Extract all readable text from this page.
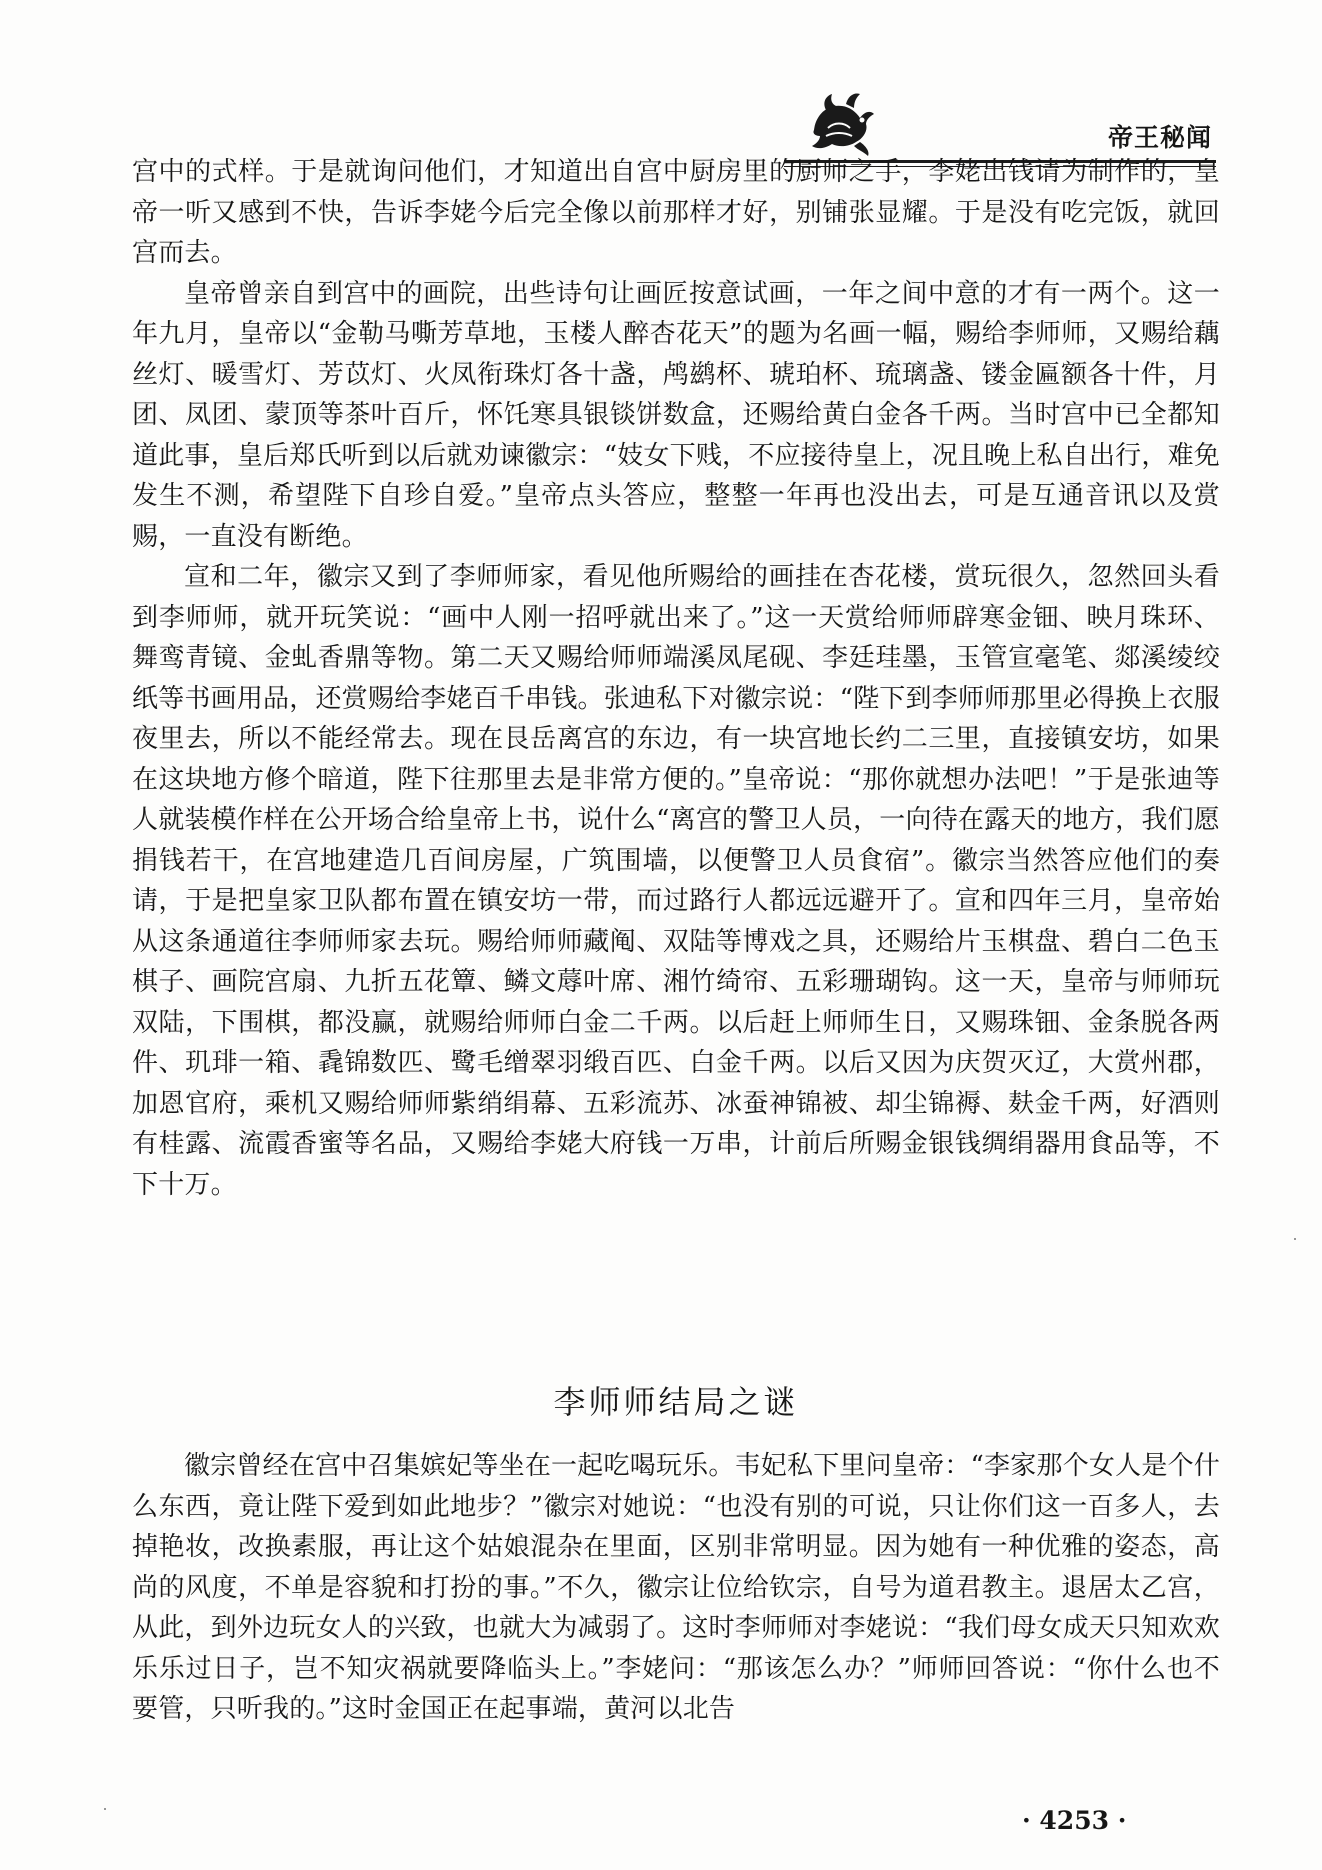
帝王秘闻

宫中的式样。于是就询问他们，才知道出自宫中厨房里的厨师之手，李姥出钱请为制作的，皇帝一听又感到不快，告诉李姥今后完全像以前那样才好，别铺张显耀。于是没有吃完饭，就回宫而去。

皇帝曾亲自到宫中的画院，出些诗句让画匠按意试画，一年之间中意的才有一两个。这一年九月，皇帝以“金勒马嘶芳草地，玉楼人醉杏花天”的题为名画一幅，赐给李师师，又赐给藕丝灯、暖雪灯、芳苡灯、火凤衔珠灯各十盏，鸬鹚杯、琥珀杯、琉璃盏、镂金匾额各十件，月团、凤团、蒙顶等茶叶百斤，怀饦寒具银锬饼数盒，还赐给黄白金各千两。当时宫中已全都知道此事，皇后郑氏听到以后就劝谏徽宗：“妓女下贱，不应接待皇上，况且晚上私自出行，难免发生不测，希望陛下自珍自爱。”皇帝点头答应，整整一年再也没出去，可是互通音讯以及赏赐，一直没有断绝。

宣和二年，徽宗又到了李师师家，看见他所赐给的画挂在杏花楼，赏玩很久，忽然回头看到李师师，就开玩笑说：“画中人刚一招呼就出来了。”这一天赏给师师辟寒金钿、映月珠环、舞鸾青镜、金虬香鼎等物。第二天又赐给师师端溪凤尾砚、李廷珪墨，玉管宣毫笔、郯溪绫绞纸等书画用品，还赏赐给李姥百千串钱。张迪私下对徽宗说：“陛下到李师师那里必得换上衣服夜里去，所以不能经常去。现在艮岳离宫的东边，有一块宫地长约二三里，直接镇安坊，如果在这块地方修个暗道，陛下往那里去是非常方便的。”皇帝说：“那你就想办法吧！”于是张迪等人就装模作样在公开场合给皇帝上书，说什么“离宫的警卫人员，一向待在露天的地方，我们愿捐钱若干，在宫地建造几百间房屋，广筑围墙，以便警卫人员食宿”。徽宗当然答应他们的奏请，于是把皇家卫队都布置在镇安坊一带，而过路行人都远远避开了。宣和四年三月，皇帝始从这条通道往李师师家去玩。赐给师师藏阄、双陆等博戏之具，还赐给片玉棋盘、碧白二色玉棋子、画院宫扇、九折五花簟、鳞文蓐叶席、湘竹绮帘、五彩珊瑚钩。这一天，皇帝与师师玩双陆，下围棋，都没赢，就赐给师师白金二千两。以后赶上师师生日，又赐珠钿、金条脱各两件、玑琲一箱、毳锦数匹、鹭毛缯翠羽缎百匹、白金千两。以后又因为庆贺灭辽，大赏州郡，加恩官府，乘机又赐给师师紫绡绢幕、五彩流苏、冰蚕神锦被、却尘锦褥、麸金千两，好酒则有桂露、流霞香蜜等名品，又赐给李姥大府钱一万串，计前后所赐金银钱绸绢器用食品等，不下十万。

李师师结局之谜

徽宗曾经在宫中召集嫔妃等坐在一起吃喝玩乐。韦妃私下里问皇帝：“李家那个女人是个什么东西，竟让陛下爱到如此地步？”徽宗对她说：“也没有别的可说，只让你们这一百多人，去掉艳妆，改换素服，再让这个姑娘混杂在里面，区别非常明显。因为她有一种优雅的姿态，高尚的风度，不单是容貌和打扮的事。”不久，徽宗让位给钦宗，自号为道君教主。退居太乙宫，从此，到外边玩女人的兴致，也就大为减弱了。这时李师师对李姥说：“我们母女成天只知欢欢乐乐过日子，岂不知灾祸就要降临头上。”李姥问：“那该怎么办？”师师回答说：“你什么也不要管，只听我的。”这时金国正在起事端，黄河以北告

· 4253 ·
